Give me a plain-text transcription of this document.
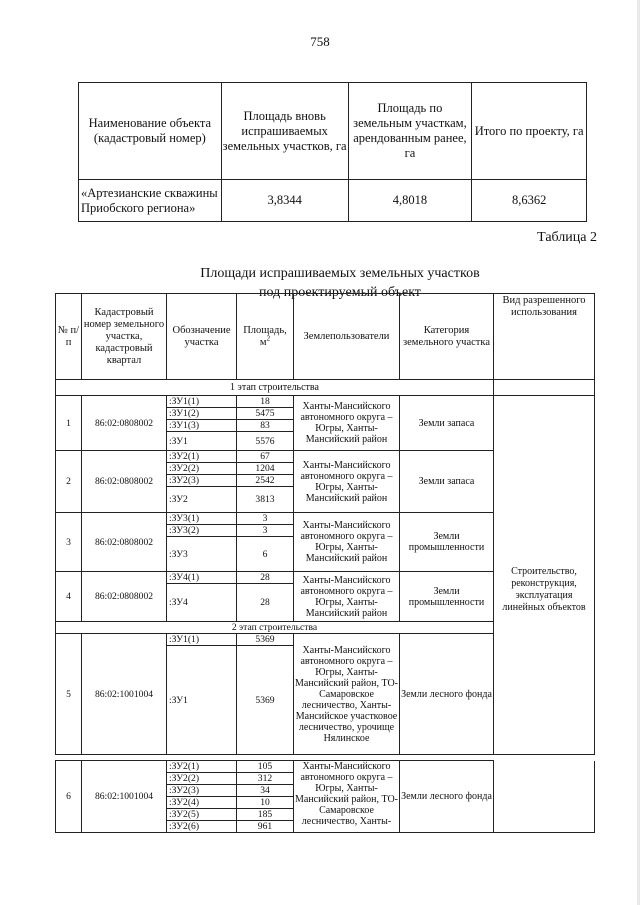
758
Наименование объекта (кадастровый номер)	Площадь вновь испрашиваемых земельных участков, га	Площадь по земельным участкам, арендованным ранее, га	Итого по проекту, га
«Артезианские скважины Приобского региона»	3,8344	4,8018	8,6362
Таблица 2
Площади испрашиваемых земельных участков
под проектируемый объект
№ п/п	Кадастровый номер земельного участка, кадастровый квартал	Обозначение участка	Площадь, $м^2$	Землепользователи	Категория земельного участка	Вид разрешенного использования
1 этап строительства						
1	86:02:0808002	:ЗУ1(1)	18	Ханты-Мансийского автономного округа – Югры, Ханты-Мансийский район	Земли запаса	Строительство, реконструкция, эксплуатация линейных объектов
		:ЗУ1(2)	5475			
		:ЗУ1(3)	83			
		:ЗУ1	5576			
2	86:02:0808002	:ЗУ2(1)	67	Ханты-Мансийского автономного округа – Югры, Ханты-Мансийский район	Земли запаса	
		:ЗУ2(2)	1204			
		:ЗУ2(3)	2542			
		:ЗУ2	3813			
3	86:02:0808002	:ЗУ3(1)	3	Ханты-Мансийского автономного округа – Югры, Ханты-Мансийский район	Земли промышленности	
		:ЗУ3(2)	3			
		:ЗУ3	6			
4	86:02:0808002	:ЗУ4(1)	28	Ханты-Мансийского автономного округа – Югры, Ханты-Мансийский район	Земли промышленности	
		:ЗУ4	28			
2 этап строительства						
5	86:02:1001004	:ЗУ1(1)	5369	Ханты-Мансийского автономного округа – Югры, Ханты-Мансийский район, ТО-Самаровское лесничество, Ханты-Мансийское участковое лесничество, урочище Нялинское	Земли лесного фонда	
		:ЗУ1	5369			
6	86:02:1001004	:ЗУ2(1)	105	Ханты-Мансийского автономного округа – Югры, Ханты-Мансийский район, ТО-Самаровское лесничество, Ханты-	Земли лесного фонда	
		:ЗУ2(2)	312			
		:ЗУ2(3)	34			
		:ЗУ2(4)	10			
		:ЗУ2(5)	185			
		:ЗУ2(6)	961			
